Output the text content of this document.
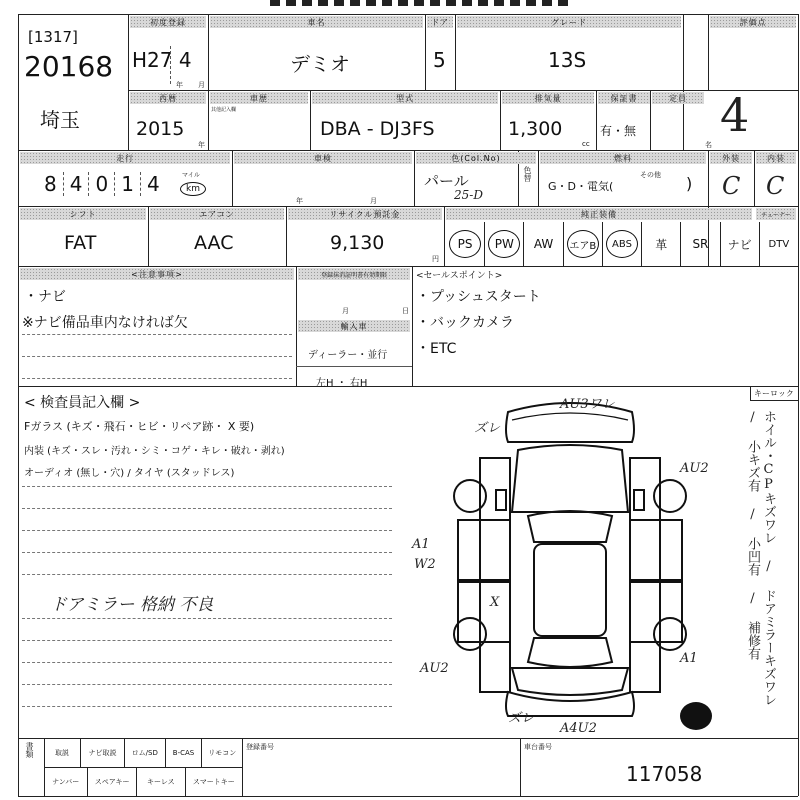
[1317]
20168
初度登録
H27 4
年 月
車名
デミオ
ドア
5
グレード
13S
評価点
埼玉
西暦
2015
年
車歴
其他記入欄
型式
DBA - DJ3FS
排気量
1,300
cc
保証書
有・無
定員
名
4
走行
8 4 0 1 4	マイル
km
車検
年	月
色(Col.No)
パール
25-D
色替
燃料
G・D・電気(
その他 )
外装
C
内装
C
シフト
FAT
エアコン
AAC
リサイクル預託金
9,130
円
純正装備	チューナー
PS	PW	AW エアB	ABS	革 SR ナビ DTV
<注意事項>
・ナビ
※ナビ備品車内なければ欠
登録抹消証明書有効期限
月	日
輸入車
ディーラー・並行
左H ・ 右H
<セールスポイント>
・プッシュスタート
・バックカメラ
・ETC
< 検査員記入欄 >
Fガラス (キズ・飛石・ヒビ・リペア跡・ X 要)
内装 (キズ・スレ・汚れ・シミ・コゲ・キレ・破れ・剥れ)
オーディオ (無し・穴) / タイヤ (スタッドレス)
キーロック
ドアミラー 格納 不良	ホイル・CPキズワレ / ドアミラーキズワレ / 小キズ有 / 小凹有 / 補修有
AU3ワレ
ズレ
AU2
A1
W2
X
AU2
A1
ズレ
A4U2
書類	取説	ナビ取説	ロム/SD	B-CAS	リモコン
ナンバー	スペアキー	キーレス	スマートキー
登録番号	車台番号
117058
